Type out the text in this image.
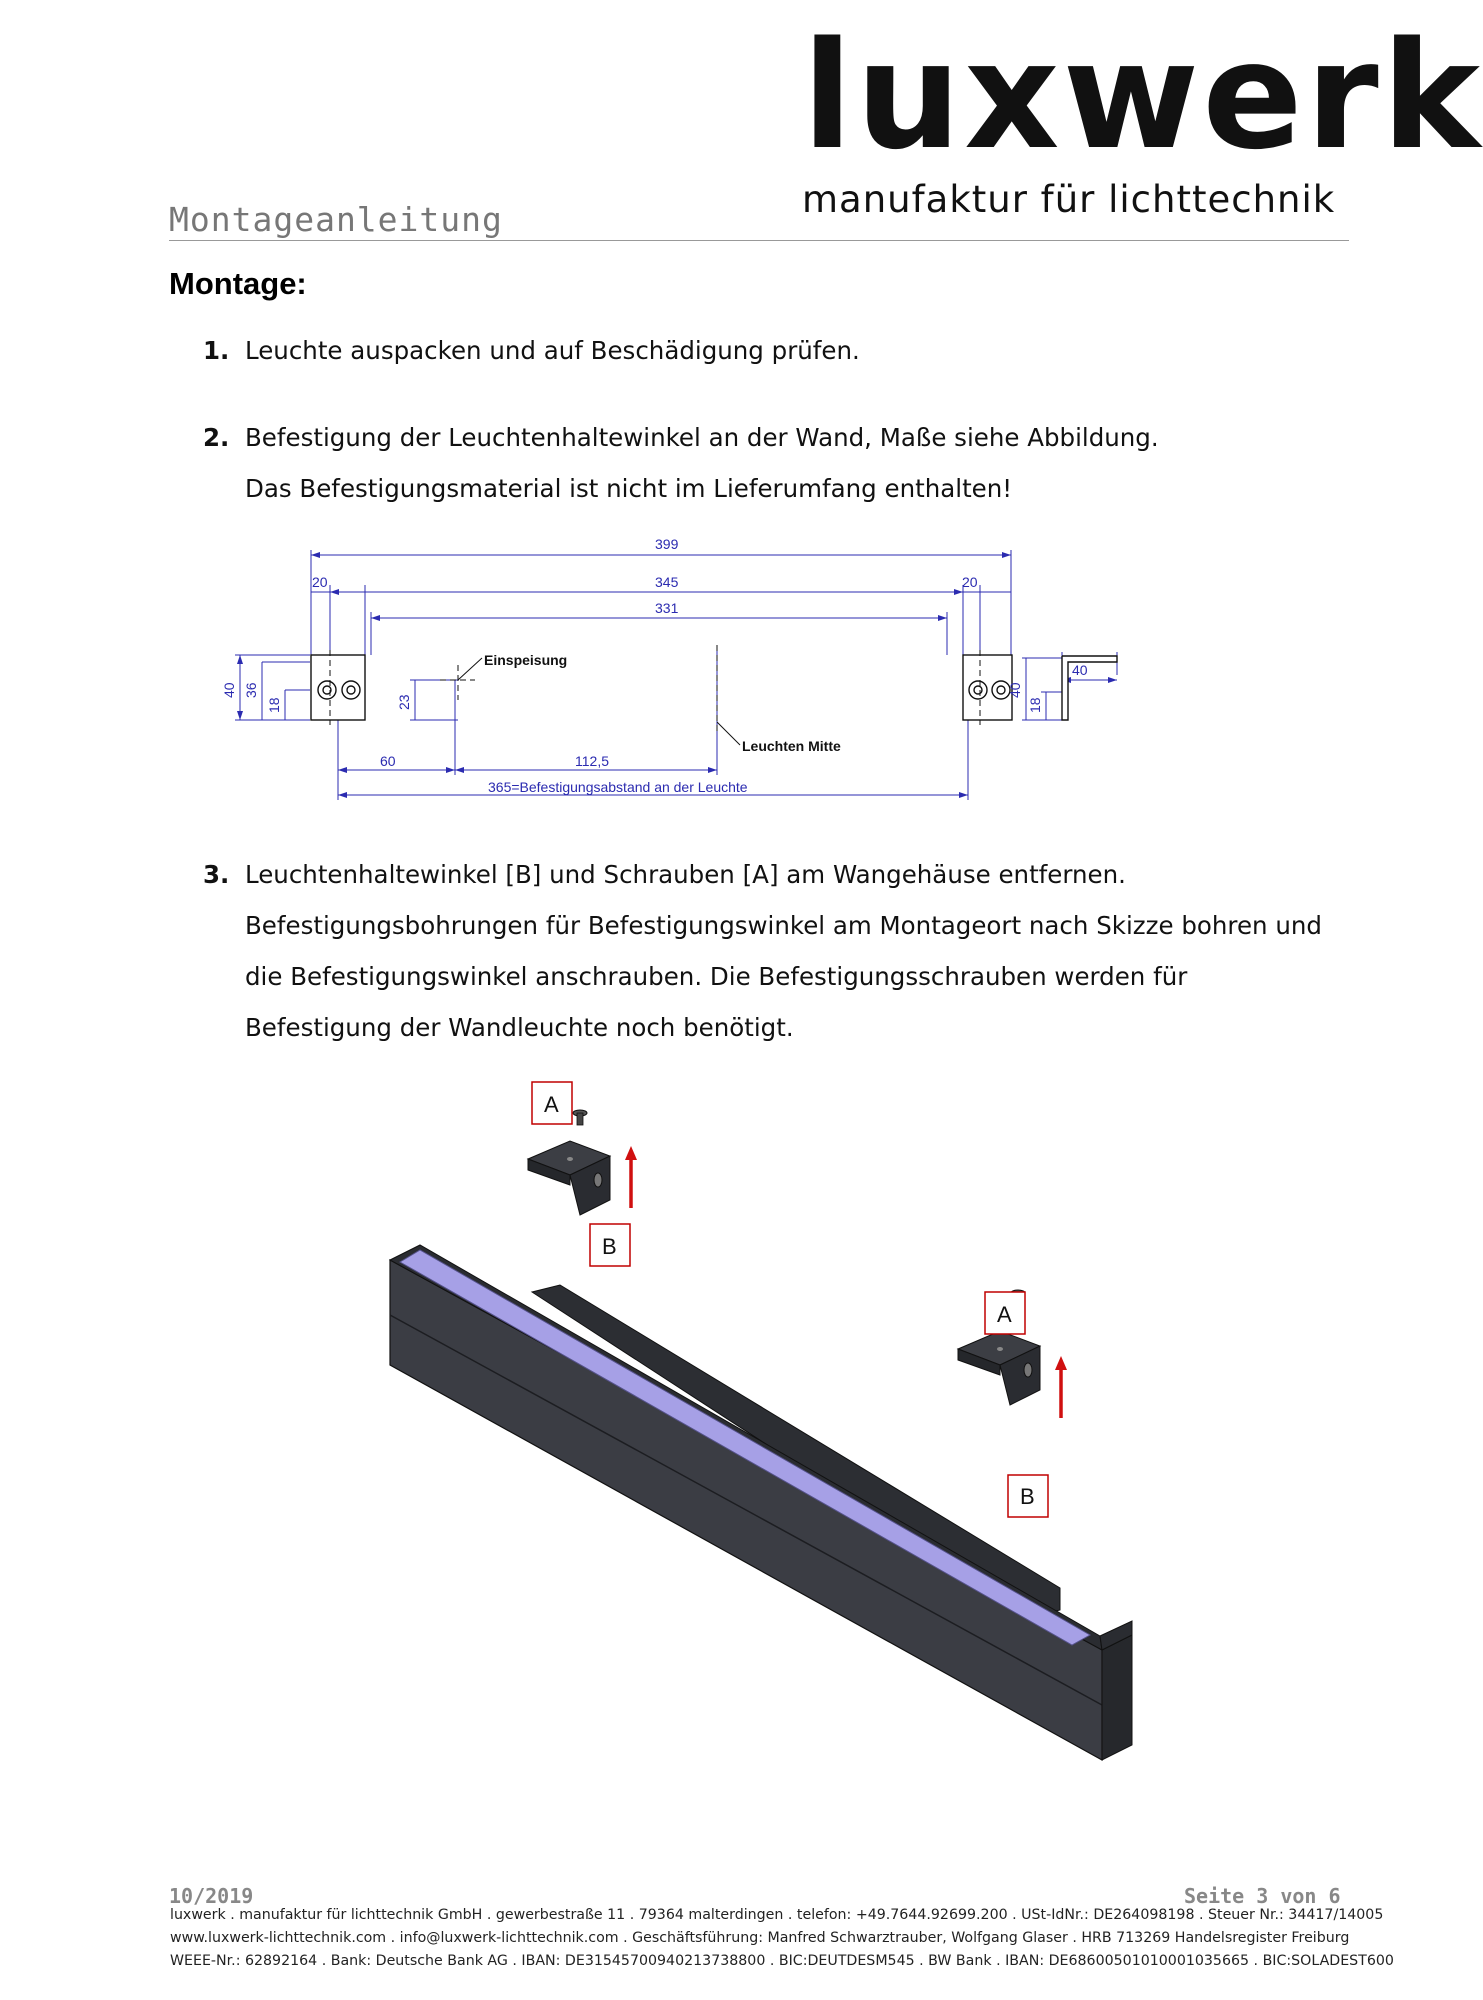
luxwerk
manufaktur für lichttechnik
Montageanleitung
Montage:
1. Leuchte auspacken und auf Beschädigung prüfen.
2. Befestigung der Leuchtenhaltewinkel an der Wand, Maße siehe Abbildung.
Das Befestigungsmaterial ist nicht im Lieferumfang enthalten!
399
20	20
345
331
60	112,5
365=Befestigungsabstand an der Leuchte
40
40 36
18	23
40
18
Einspeisung
Leuchten Mitte
3. Leuchtenhaltewinkel [B] und Schrauben [A] am Wangehäuse entfernen.
Befestigungsbohrungen für Befestigungswinkel am Montageort nach Skizze bohren und
die Befestigungswinkel anschrauben. Die Befestigungsschrauben werden für
Befestigung der Wandleuchte noch benötigt.
A
B
A
B
10/2019	Seite 3 von 6
luxwerk . manufaktur für lichttechnik GmbH . gewerbestraße 11 . 79364 malterdingen . telefon: +49.7644.92699.200 . USt-IdNr.: DE264098198 . Steuer Nr.: 34417/14005
www.luxwerk-lichttechnik.com . info@luxwerk-lichttechnik.com . Geschäftsführung: Manfred Schwarztrauber, Wolfgang Glaser . HRB 713269 Handelsregister Freiburg
WEEE-Nr.: 62892164 . Bank: Deutsche Bank AG . IBAN: DE31545700940213738800 . BIC:DEUTDESM545 . BW Bank . IBAN: DE68600501010001035665 . BIC:SOLADEST600
